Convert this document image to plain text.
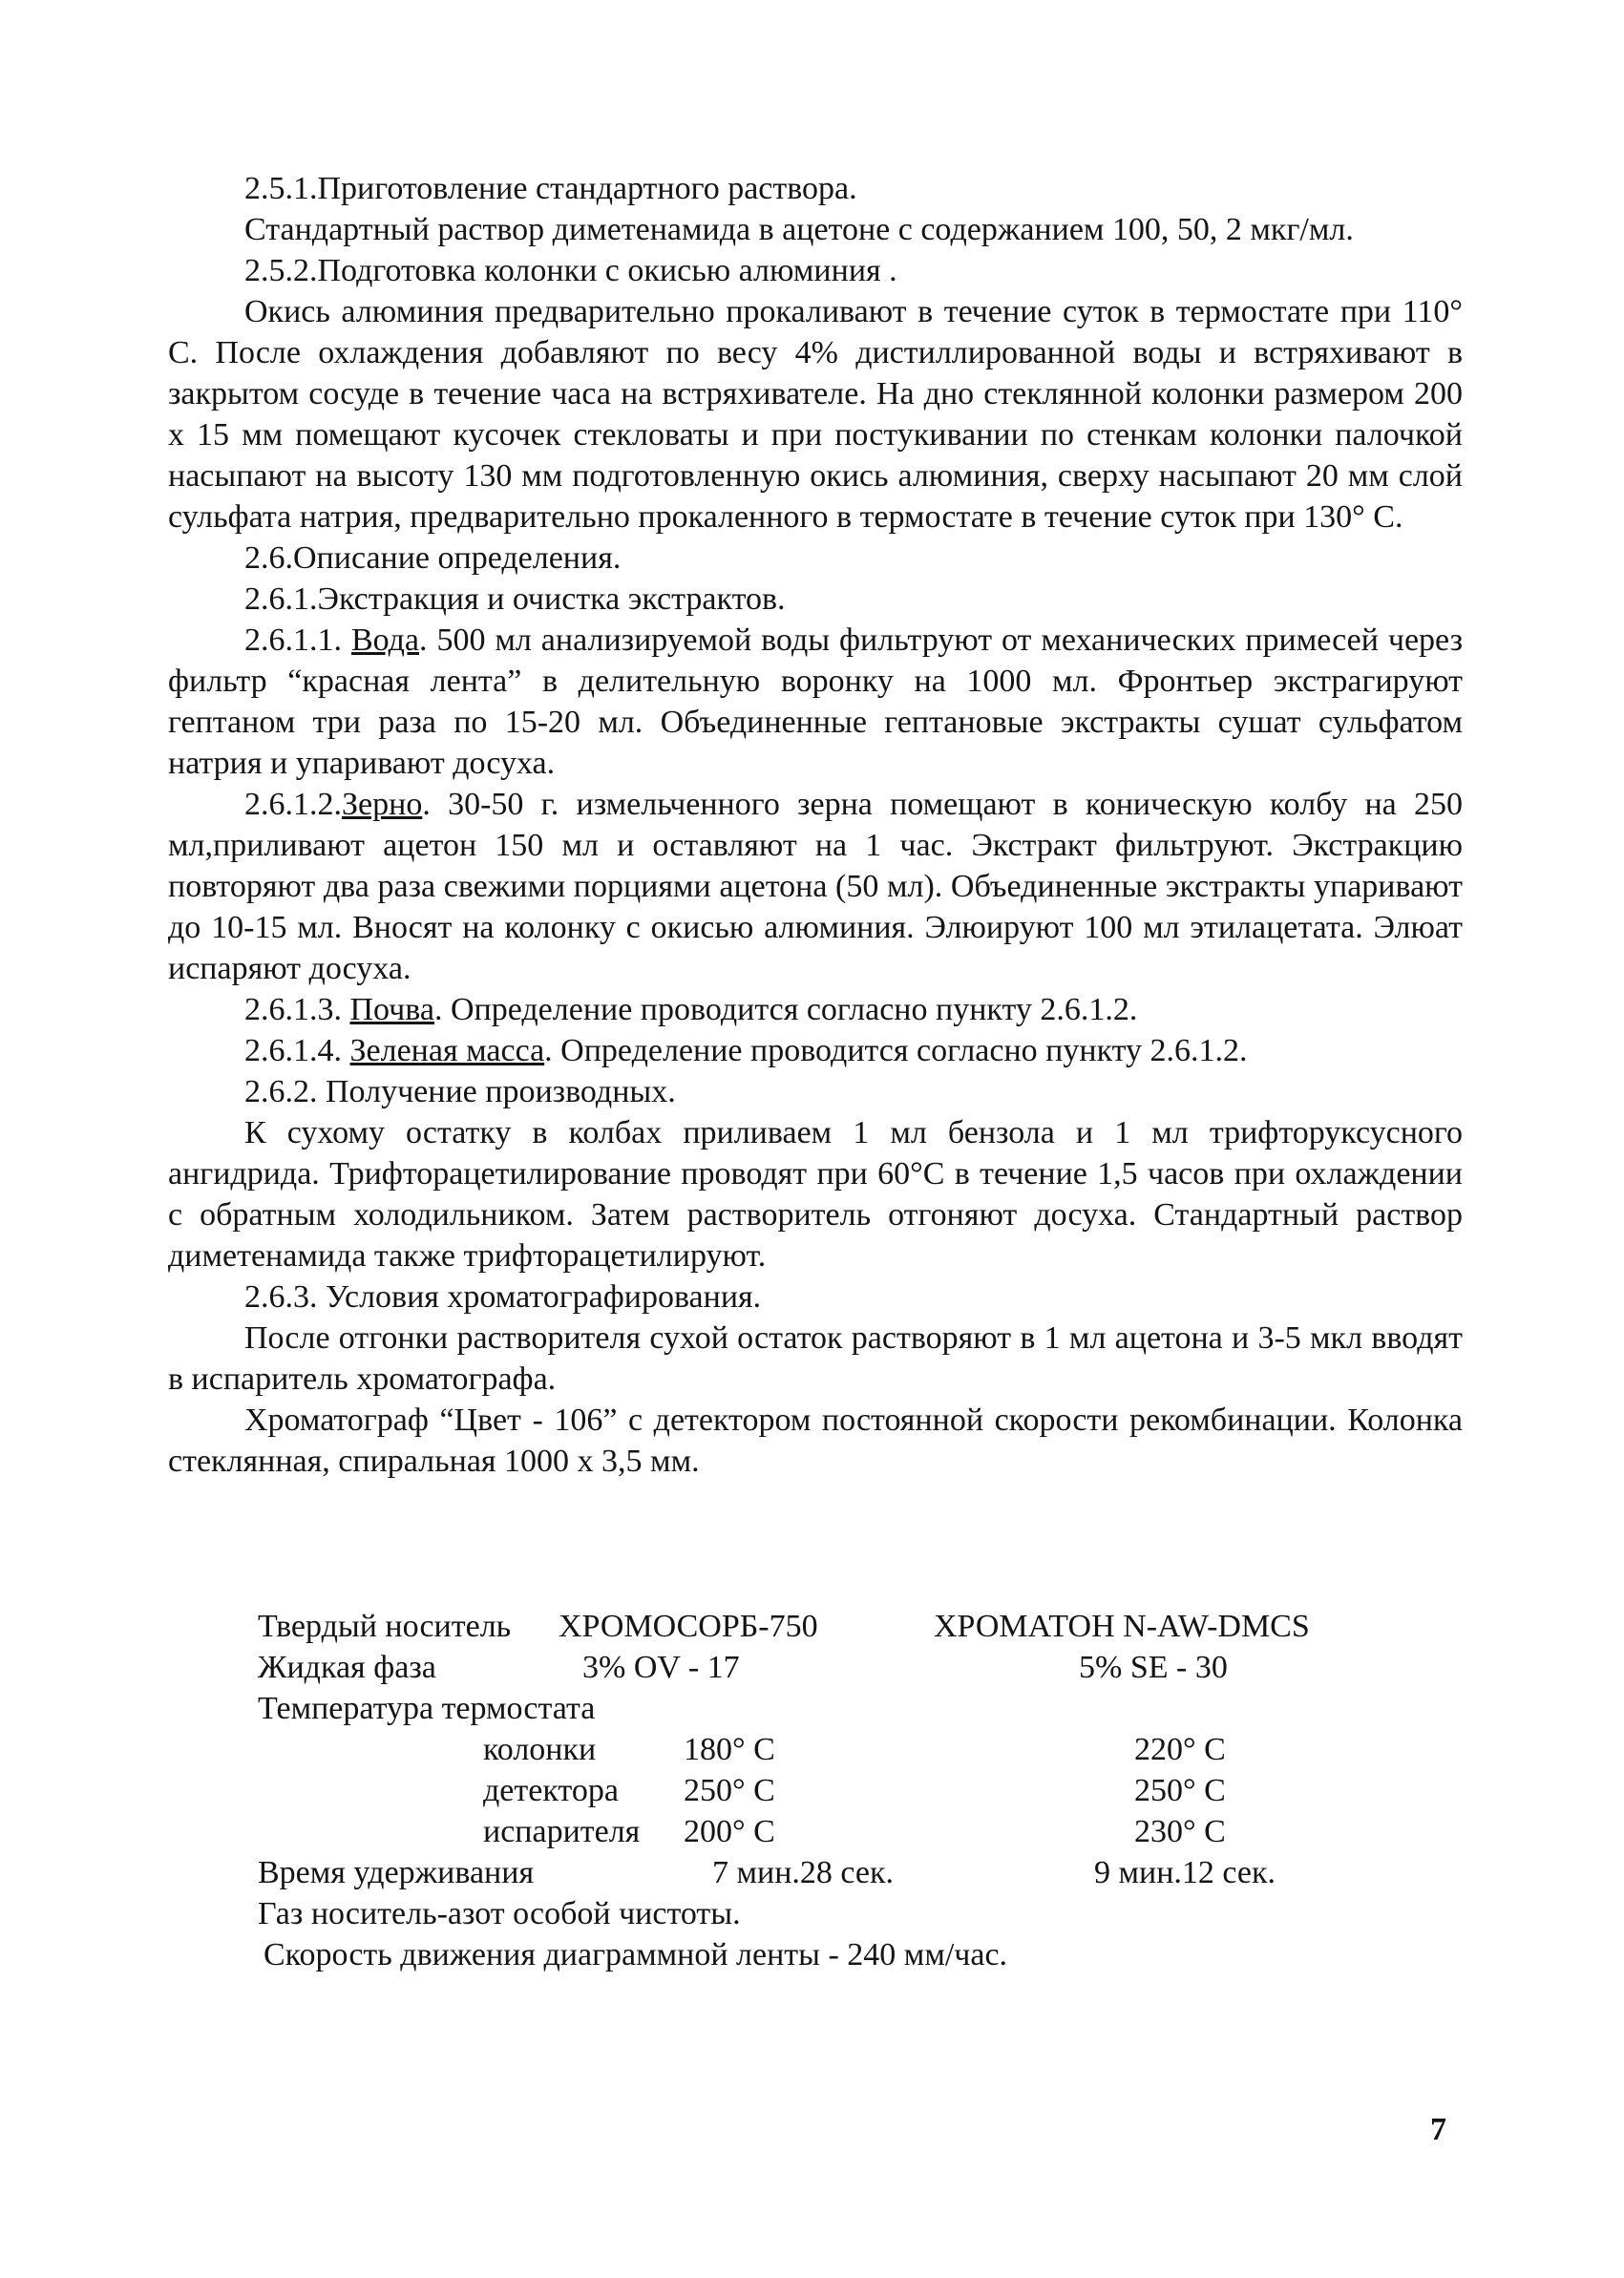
2.5.1.Приготовление стандартного раствора.

Стандартный раствор диметенамида в ацетоне с содержанием 100, 50, 2 мкг/мл.

2.5.2.Подготовка колонки с окисью алюминия .

Окись алюминия предварительно прокаливают в течение суток в термостате при 110° С. После охлаждения добавляют по весу 4% дистиллированной воды и встряхивают в закрытом сосуде в течение часа на встряхивателе. На дно стеклянной колонки размером 200 х 15 мм помещают кусочек стекловаты и при постукивании по стенкам колонки палочкой насыпают на высоту 130 мм подготовленную окись алюминия, сверху насыпают 20 мм слой сульфата натрия, предварительно прокаленного в термостате в течение суток при 130° С.

2.6.Описание определения.

2.6.1.Экстракция и очистка экстрактов.

2.6.1.1. Вода. 500 мл анализируемой воды фильтруют от механических примесей через фильтр “красная лента” в делительную воронку на 1000 мл. Фронтьер экстрагируют гептаном три раза по 15-20 мл. Объединенные гептановые экстракты сушат сульфатом натрия и упаривают досуха.

2.6.1.2.Зерно. 30-50 г. измельченного зерна помещают в коническую колбу на 250 мл,приливают ацетон 150 мл и оставляют на 1 час. Экстракт фильтруют. Экстракцию повторяют два раза свежими порциями ацетона (50 мл). Объединенные экстракты упаривают до 10-15 мл. Вносят на колонку с окисью алюминия. Элюируют 100 мл этилацетата. Элюат испаряют досуха.

2.6.1.3. Почва. Определение проводится согласно пункту 2.6.1.2.

2.6.1.4. Зеленая масса. Определение проводится согласно пункту 2.6.1.2.

2.6.2. Получение производных.

К сухому остатку в колбах приливаем 1 мл бензола и 1 мл трифторуксусного ангидрида. Трифторацетилирование проводят при 60°С в течение 1,5 часов при охлаждении с обратным холодильником. Затем растворитель отгоняют досуха. Стандартный раствор диметенамида также трифторацетилируют.

2.6.3. Условия хроматографирования.

После отгонки растворителя сухой остаток растворяют в 1 мл ацетона и 3-5 мкл вводят в испаритель хроматографа.

Хроматограф “Цвет - 106” с детектором постоянной скорости рекомбинации. Колонка стеклянная, спиральная 1000 х 3,5 мм.

Твердый носитель ХРОМОСОРБ-750	ХРОМАТОН N-AW-DMCS
Жидкая фаза	3% OV - 17	5% SE - 30
Температура термостата
колонки	180° С	220° С
детектора 250° С	250° С
испарителя 200° С	230° С
Время удерживания	7 мин.28 сек.	9 мин.12 сек.
Газ носитель-азот особой чистоты.
Скорость движения диаграммной ленты - 240 мм/час.
7
